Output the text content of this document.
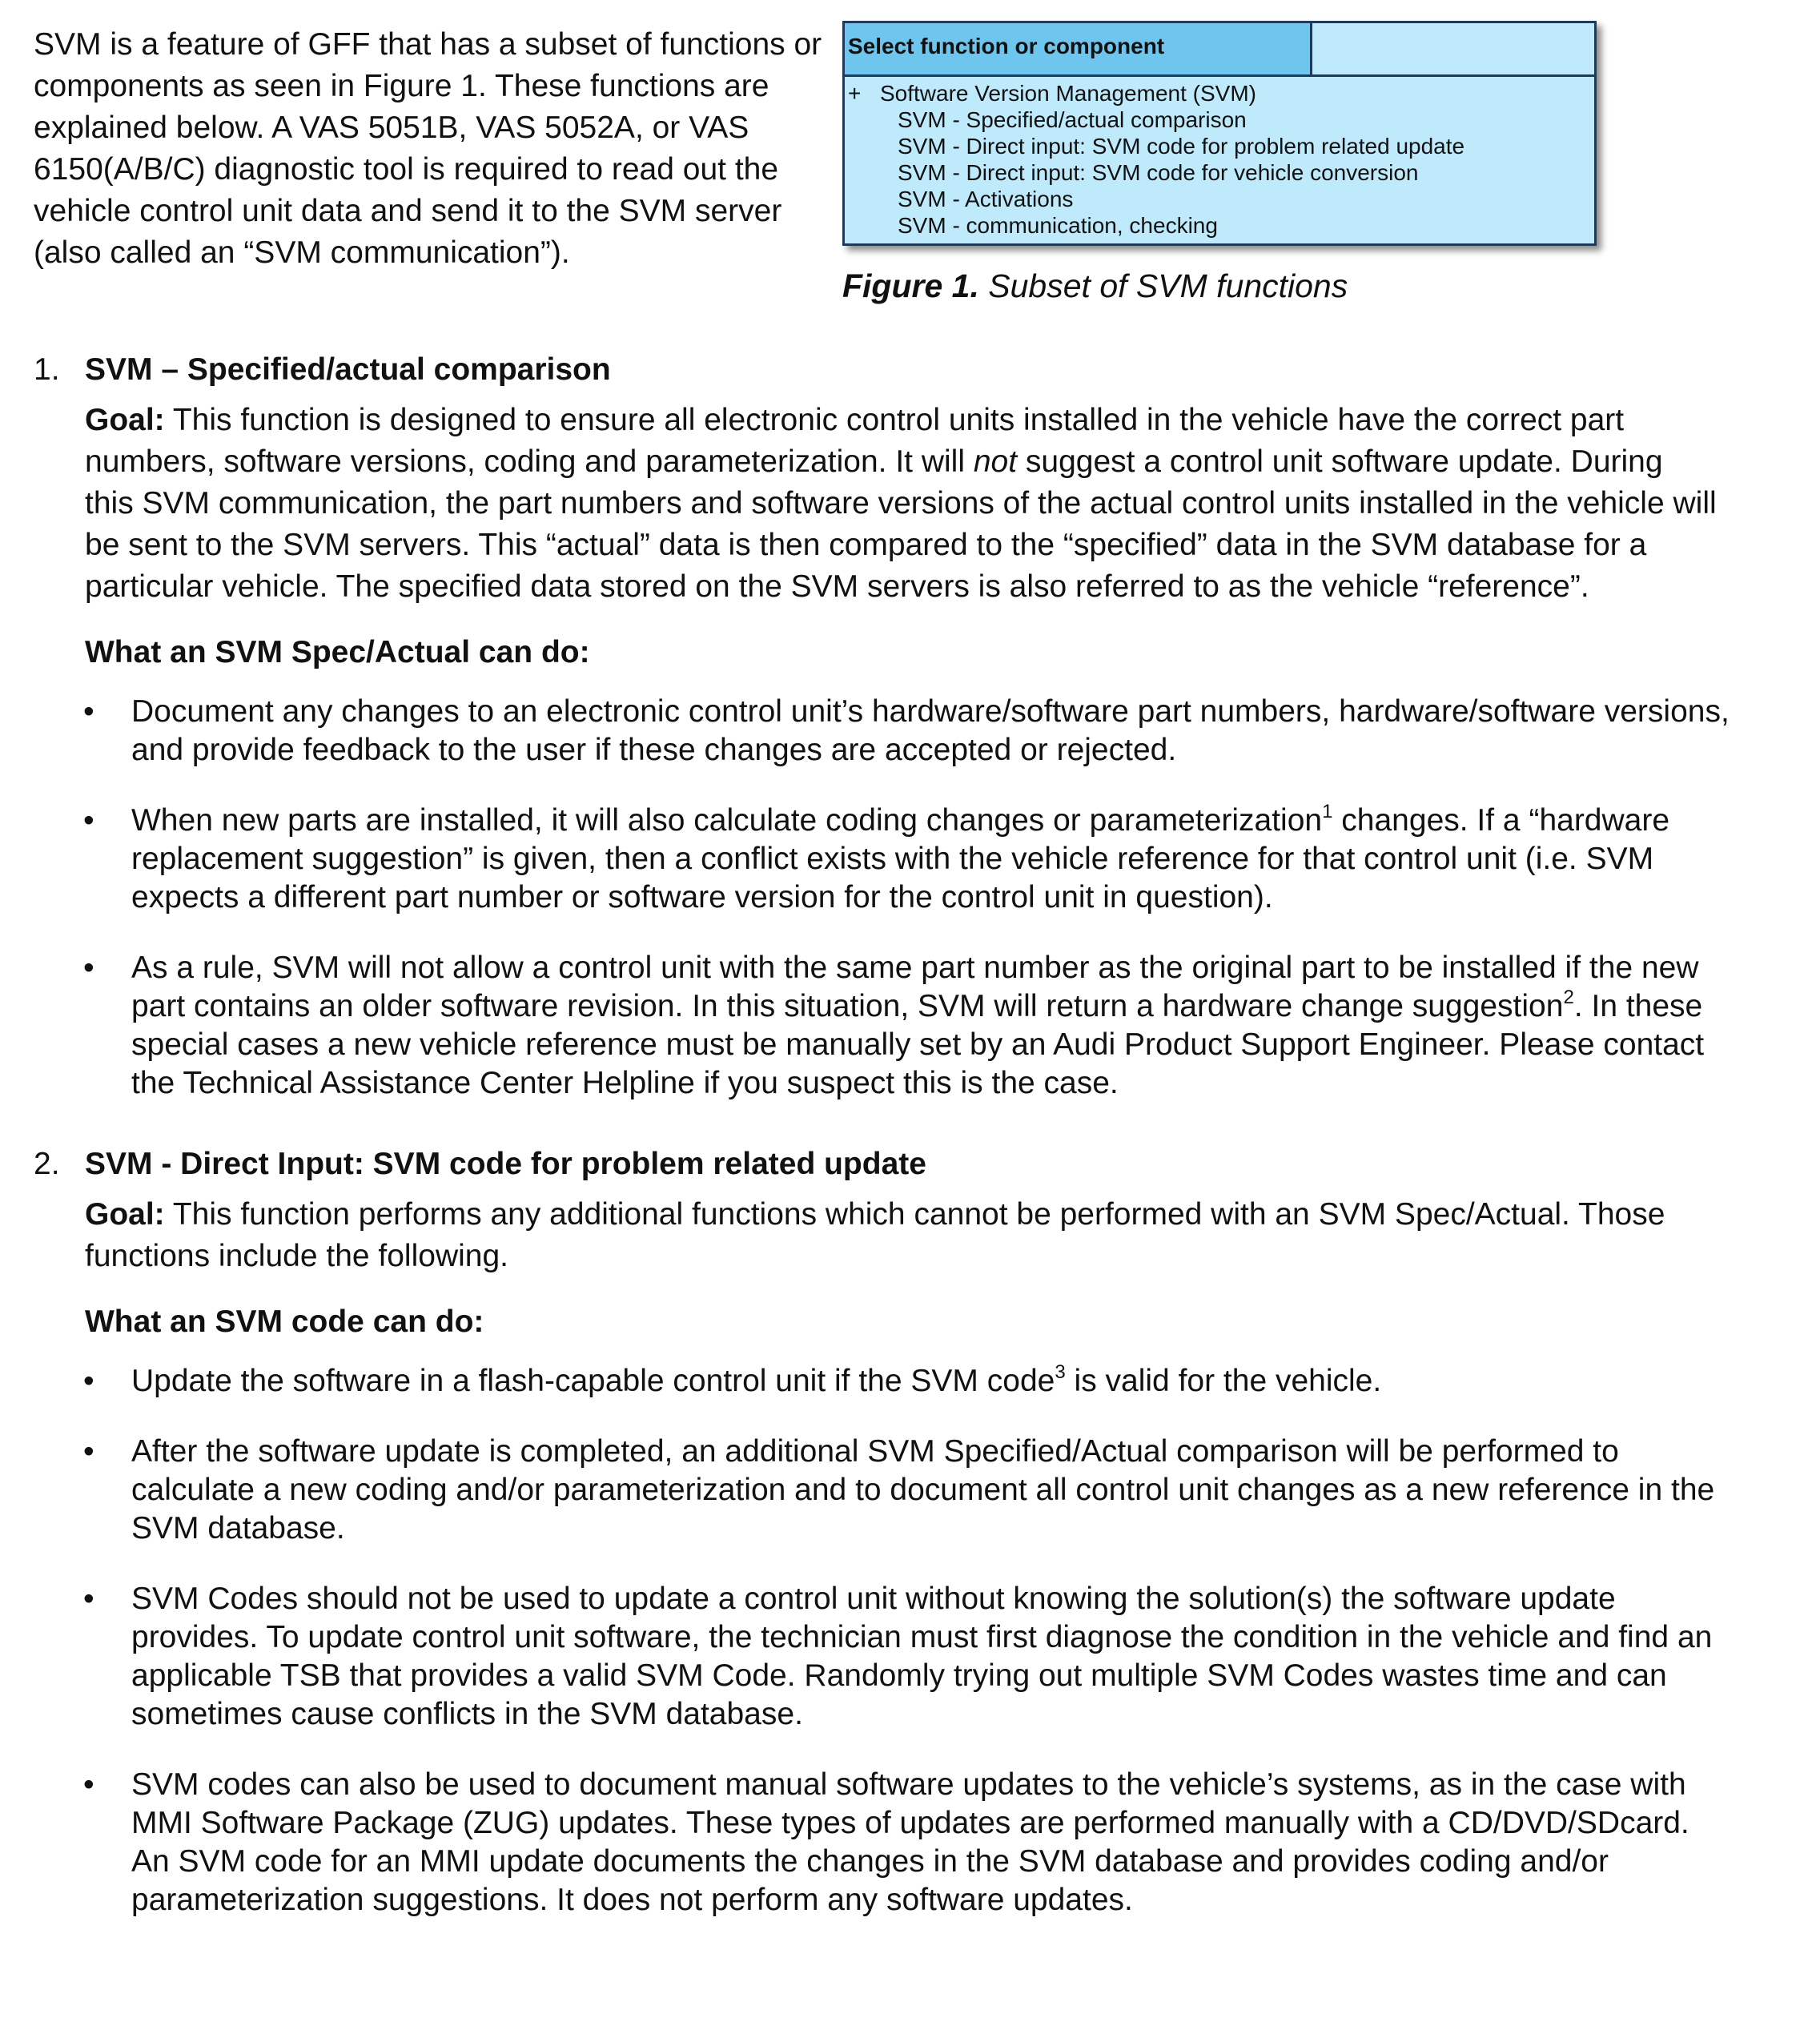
SVM is a feature of GFF that has a subset of functions or components as seen in Figure 1. These functions are explained below. A VAS 5051B, VAS 5052A, or VAS 6150(A/B/C) diagnostic tool is required to read out the vehicle control unit data and send it to the SVM server (also called an “SVM communication”).

Select function or component
+ Software Version Management (SVM)
SVM - Specified/actual comparison
SVM - Direct input: SVM code for problem related update
SVM - Direct input: SVM code for vehicle conversion
SVM - Activations
SVM - communication, checking
Figure 1. Subset of SVM functions
1. SVM – Specified/actual comparison

Goal: This function is designed to ensure all electronic control units installed in the vehicle have the correct part numbers, software versions, coding and parameterization. It will not suggest a control unit software update. During this SVM communication, the part numbers and software versions of the actual control units installed in the vehicle will be sent to the SVM servers. This “actual” data is then compared to the “specified” data in the SVM database for a particular vehicle. The specified data stored on the SVM servers is also referred to as the vehicle “reference”.

What an SVM Spec/Actual can do:

• Document any changes to an electronic control unit’s hardware/software part numbers, hardware/software versions, and provide feedback to the user if these changes are accepted or rejected.
• When new parts are installed, it will also calculate coding changes or parameterization$^1$ changes. If a “hardware replacement suggestion” is given, then a conflict exists with the vehicle reference for that control unit (i.e. SVM expects a different part number or software version for the control unit in question).
• As a rule, SVM will not allow a control unit with the same part number as the original part to be installed if the new part contains an older software revision. In this situation, SVM will return a hardware change suggestion$^2$. In these special cases a new vehicle reference must be manually set by an Audi Product Support Engineer. Please contact the Technical Assistance Center Helpline if you suspect this is the case.
2. SVM - Direct Input: SVM code for problem related update

Goal: This function performs any additional functions which cannot be performed with an SVM Spec/Actual. Those functions include the following.

What an SVM code can do:

• Update the software in a flash-capable control unit if the SVM code$^3$ is valid for the vehicle.
• After the software update is completed, an additional SVM Specified/Actual comparison will be performed to calculate a new coding and/or parameterization and to document all control unit changes as a new reference in the SVM database.
• SVM Codes should not be used to update a control unit without knowing the solution(s) the software update provides. To update control unit software, the technician must first diagnose the condition in the vehicle and find an applicable TSB that provides a valid SVM Code. Randomly trying out multiple SVM Codes wastes time and can sometimes cause conflicts in the SVM database.
• SVM codes can also be used to document manual software updates to the vehicle’s systems, as in the case with MMI Software Package (ZUG) updates. These types of updates are performed manually with a CD/DVD/SDcard. An SVM code for an MMI update documents the changes in the SVM database and provides coding and/or parameterization suggestions. It does not perform any software updates.
